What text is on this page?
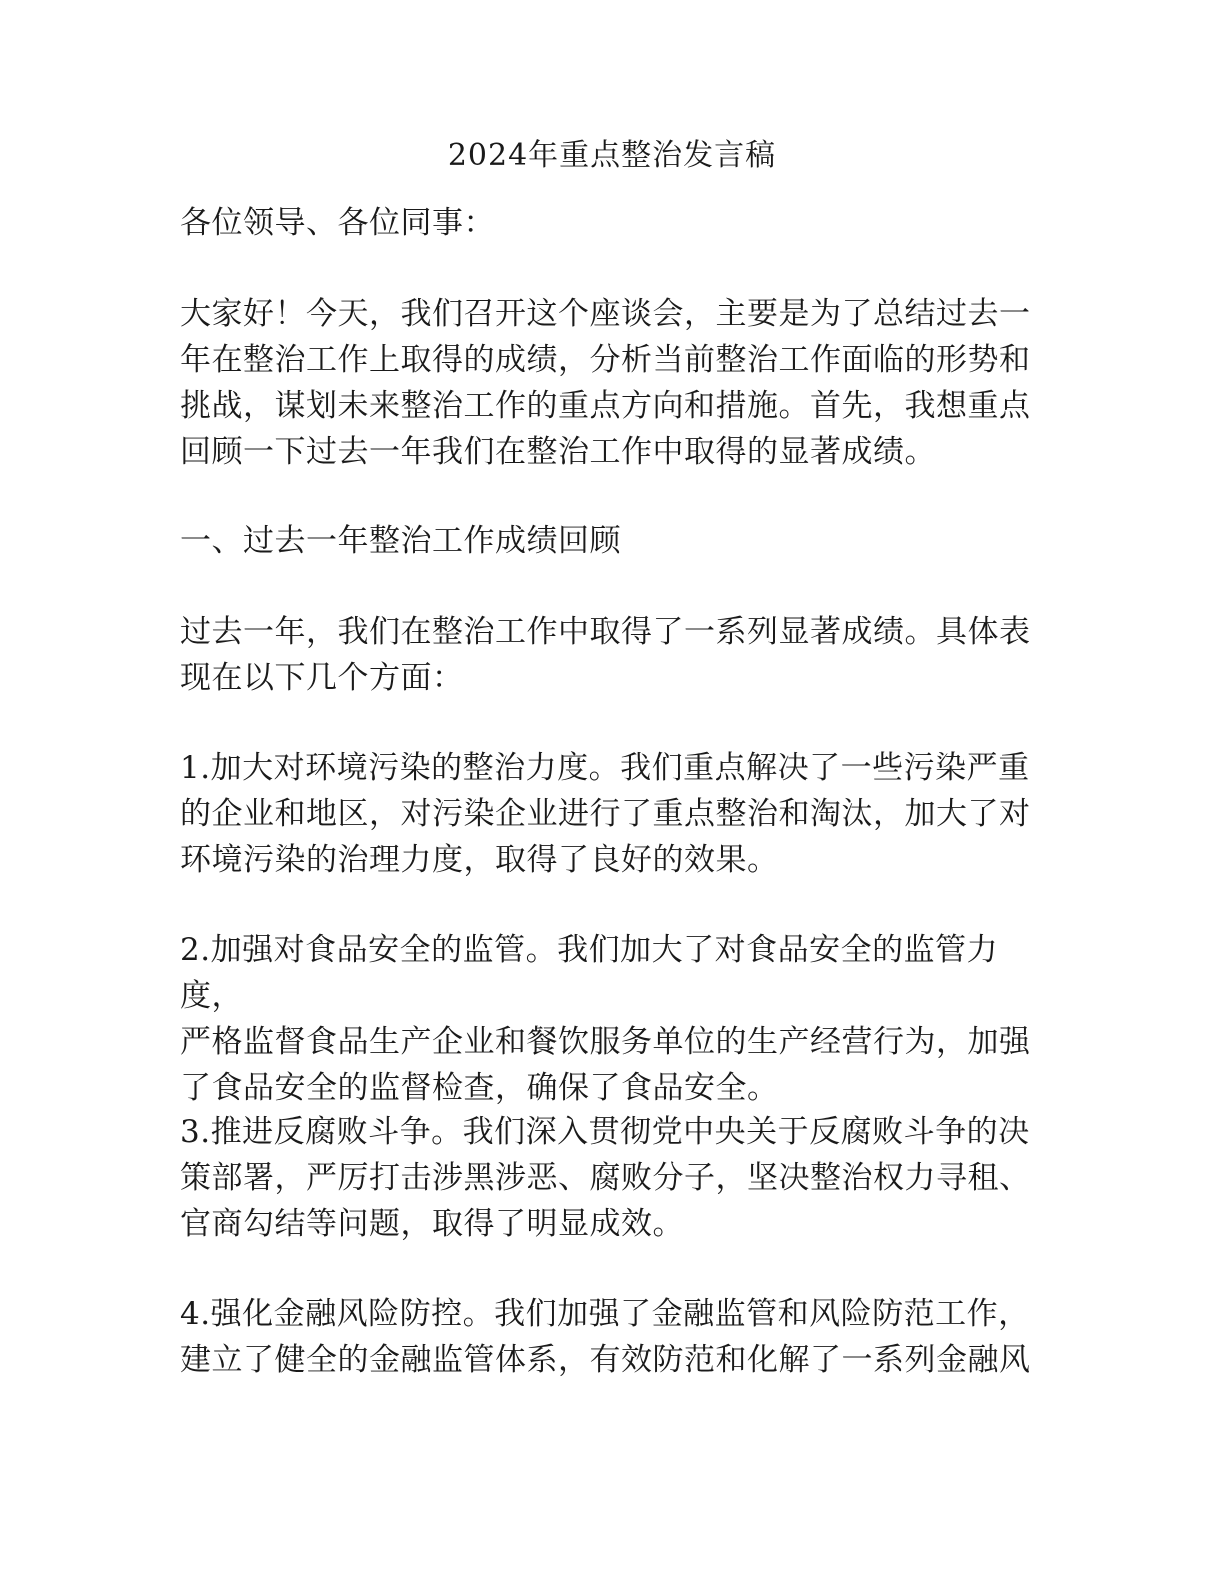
2024年重点整治发言稿

各位领导、各位同事：

大家好！今天，我们召开这个座谈会，主要是为了总结过去一
年在整治工作上取得的成绩，分析当前整治工作面临的形势和
挑战，谋划未来整治工作的重点方向和措施。首先，我想重点
回顾一下过去一年我们在整治工作中取得的显著成绩。

一、过去一年整治工作成绩回顾

过去一年，我们在整治工作中取得了一系列显著成绩。具体表
现在以下几个方面：

1.加大对环境污染的整治力度。我们重点解决了一些污染严重
的企业和地区，对污染企业进行了重点整治和淘汰，加大了对
环境污染的治理力度，取得了良好的效果。

2.加强对食品安全的监管。我们加大了对食品安全的监管力度，
严格监督食品生产企业和餐饮服务单位的生产经营行为，加强
了食品安全的监督检查，确保了食品安全。

3.推进反腐败斗争。我们深入贯彻党中央关于反腐败斗争的决
策部署，严厉打击涉黑涉恶、腐败分子，坚决整治权力寻租、
官商勾结等问题，取得了明显成效。

4.强化金融风险防控。我们加强了金融监管和风险防范工作，
建立了健全的金融监管体系，有效防范和化解了一系列金融风
